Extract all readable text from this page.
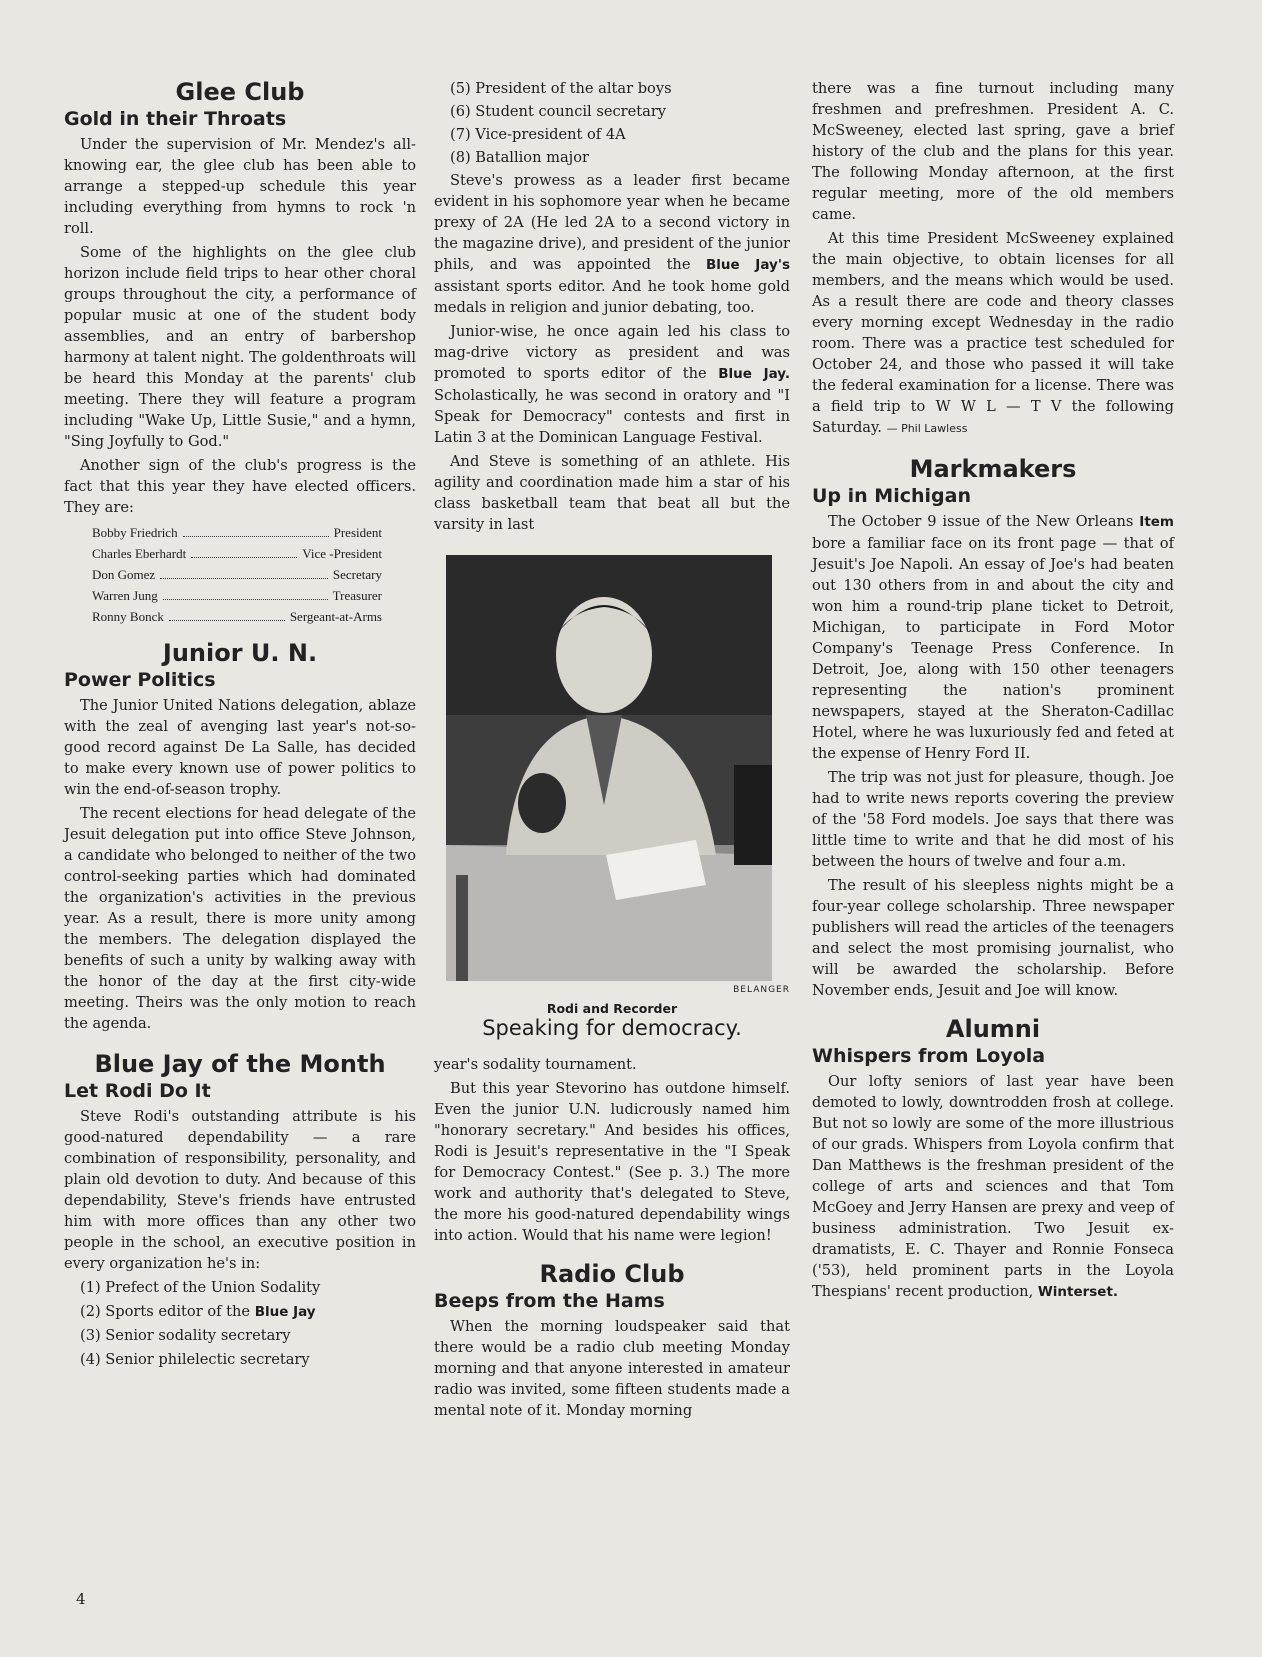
Glee Club
Gold in their Throats

Under the supervision of Mr. Mendez's all-knowing ear, the glee club has been able to arrange a stepped-up schedule this year including everything from hymns to rock 'n roll.

Some of the highlights on the glee club horizon include field trips to hear other choral groups throughout the city, a performance of popular music at one of the student body assemblies, and an entry of barbershop harmony at talent night. The goldenthroats will be heard this Monday at the parents' club meeting. There they will feature a program including "Wake Up, Little Susie," and a hymn, "Sing Joyfully to God."

Another sign of the club's progress is the fact that this year they have elected officers. They are:

Bobby Friedrich	President
Charles Eberhardt	Vice -President
Don Gomez	Secretary
Warren Jung	Treasurer
Ronny Bonck	Sergeant-at-Arms
Junior U. N.
Power Politics

The Junior United Nations delegation, ablaze with the zeal of avenging last year's not-so-good record against De La Salle, has decided to make every known use of power politics to win the end-of-season trophy.

The recent elections for head delegate of the Jesuit delegation put into office Steve Johnson, a candidate who belonged to neither of the two control-seeking parties which had dominated the organization's activities in the previous year. As a result, there is more unity among the members. The delegation displayed the benefits of such a unity by walking away with the honor of the day at the first city-wide meeting. Theirs was the only motion to reach the agenda.

Blue Jay of the Month
Let Rodi Do It

Steve Rodi's outstanding attribute is his good-natured dependability — a rare combination of responsibility, personality, and plain old devotion to duty. And because of this dependability, Steve's friends have entrusted him with more offices than any other two people in the school, an executive position in every organization he's in:

(1) Prefect of the Union Sodality
(2) Sports editor of the Blue Jay
(3) Senior sodality secretary
(4) Senior philelectic secretary
(5) President of the altar boys
(6) Student council secretary
(7) Vice-president of 4A
(8) Batallion major

Steve's prowess as a leader first became evident in his sophomore year when he became prexy of 2A (He led 2A to a second victory in the magazine drive), and president of the junior phils, and was appointed the Blue Jay's assistant sports editor. And he took home gold medals in religion and junior debating, too.

Junior-wise, he once again led his class to mag-drive victory as president and was promoted to sports editor of the Blue Jay. Scholastically, he was second in oratory and "I Speak for Democracy" contests and first in Latin 3 at the Dominican Language Festival.

And Steve is something of an athlete. His agility and coordination made him a star of his class basketball team that beat all but the varsity in last

BELANGER
Rodi and Recorder
Speaking for democracy.

year's sodality tournament.

But this year Stevorino has outdone himself. Even the junior U.N. ludicrously named him "honorary secretary." And besides his offices, Rodi is Jesuit's representative in the "I Speak for Democracy Contest." (See p. 3.) The more work and authority that's delegated to Steve, the more his good-natured dependability wings into action. Would that his name were legion!

Radio Club
Beeps from the Hams

When the morning loudspeaker said that there would be a radio club meeting Monday morning and that anyone interested in amateur radio was invited, some fifteen students made a mental note of it. Monday morning

there was a fine turnout including many freshmen and prefreshmen. President A. C. McSweeney, elected last spring, gave a brief history of the club and the plans for this year. The following Monday afternoon, at the first regular meeting, more of the old members came.

At this time President McSweeney explained the main objective, to obtain licenses for all members, and the means which would be used. As a result there are code and theory classes every morning except Wednesday in the radio room. There was a practice test scheduled for October 24, and those who passed it will take the federal examination for a license. There was a field trip to W W L — T V the following Saturday. — Phil Lawless

Markmakers
Up in Michigan

The October 9 issue of the New Orleans Item bore a familiar face on its front page — that of Jesuit's Joe Napoli. An essay of Joe's had beaten out 130 others from in and about the city and won him a round-trip plane ticket to Detroit, Michigan, to participate in Ford Motor Company's Teenage Press Conference. In Detroit, Joe, along with 150 other teenagers representing the nation's prominent newspapers, stayed at the Sheraton-Cadillac Hotel, where he was luxuriously fed and feted at the expense of Henry Ford II.

The trip was not just for pleasure, though. Joe had to write news reports covering the preview of the '58 Ford models. Joe says that there was little time to write and that he did most of his between the hours of twelve and four a.m.

The result of his sleepless nights might be a four-year college scholarship. Three newspaper publishers will read the articles of the teenagers and select the most promising journalist, who will be awarded the scholarship. Before November ends, Jesuit and Joe will know.

Alumni
Whispers from Loyola

Our lofty seniors of last year have been demoted to lowly, downtrodden frosh at college. But not so lowly are some of the more illustrious of our grads. Whispers from Loyola confirm that Dan Matthews is the freshman president of the college of arts and sciences and that Tom McGoey and Jerry Hansen are prexy and veep of business administration. Two Jesuit ex-dramatists, E. C. Thayer and Ronnie Fonseca ('53), held prominent parts in the Loyola Thespians' recent production, Winterset.

4
